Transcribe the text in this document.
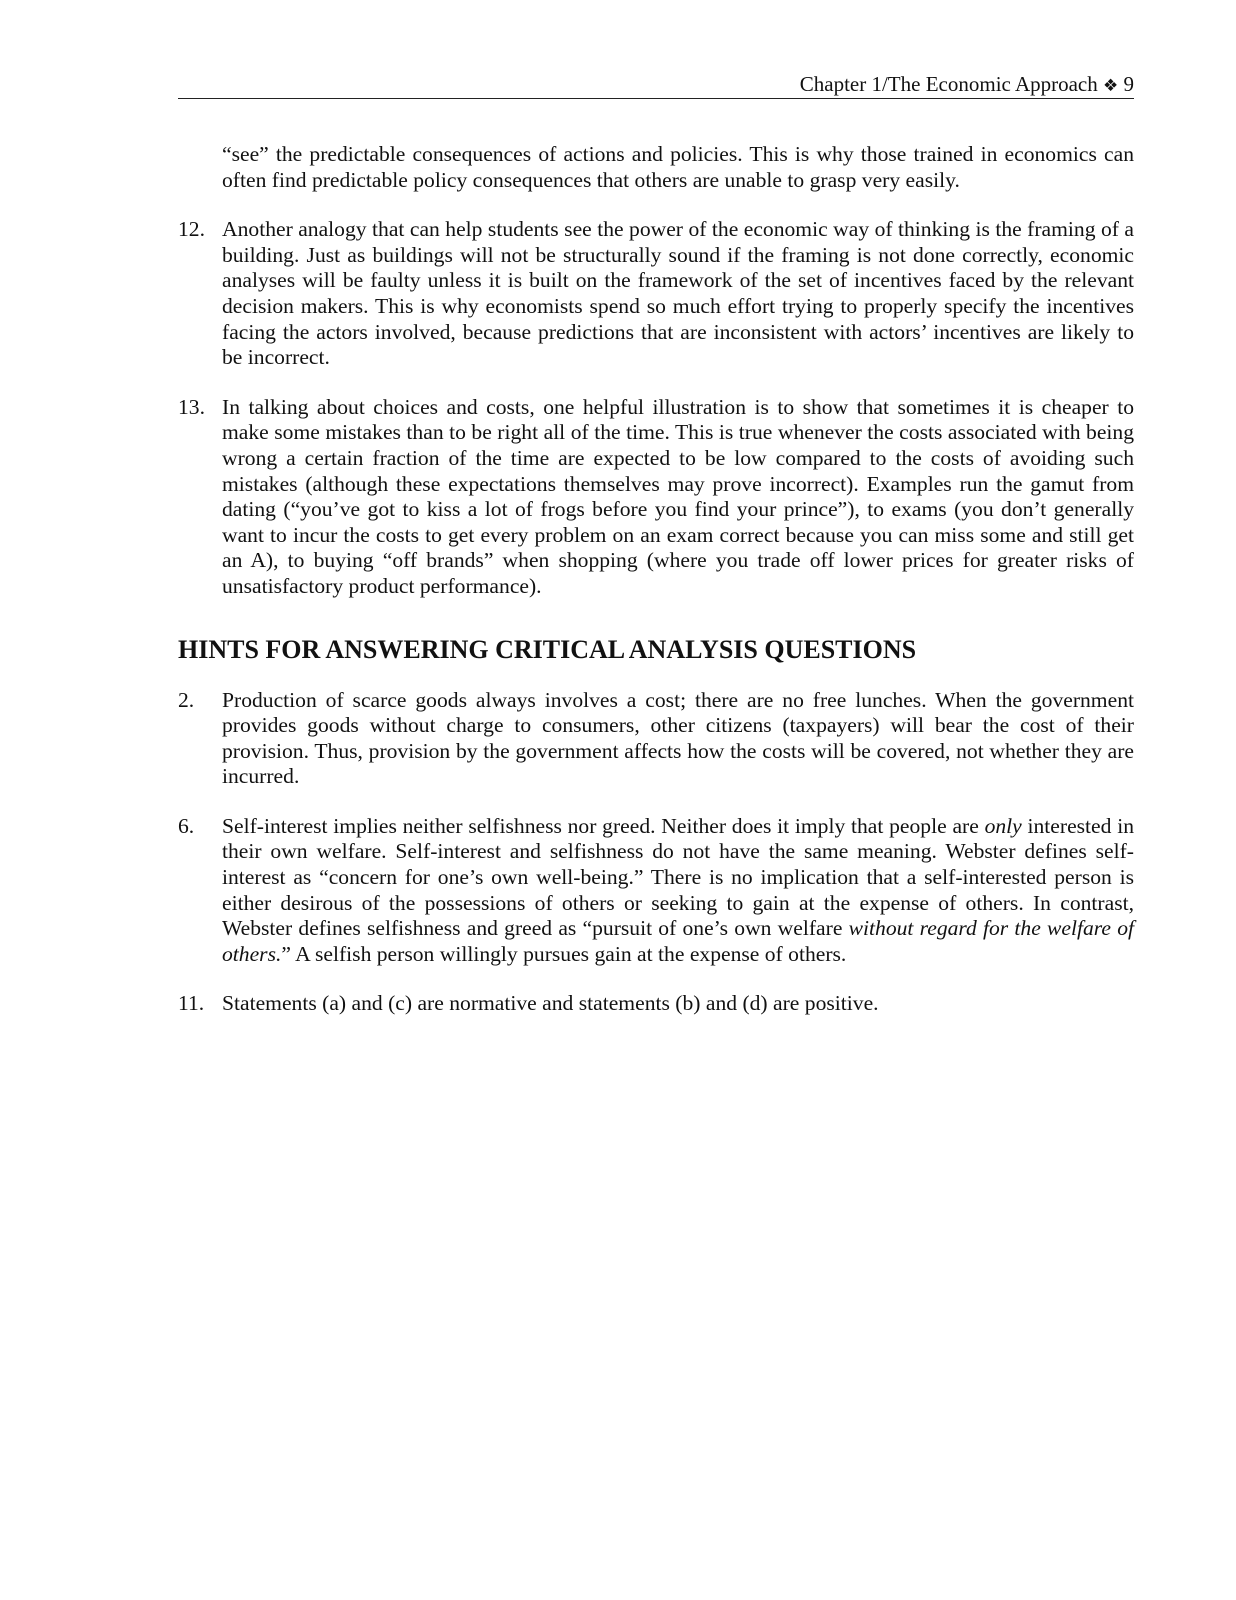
Chapter 1/The Economic Approach ❖ 9

“see” the predictable consequences of actions and policies. This is why those trained in economics can often find predictable policy consequences that others are unable to grasp very easily.

12. Another analogy that can help students see the power of the economic way of thinking is the framing of a building. Just as buildings will not be structurally sound if the framing is not done correctly, economic analyses will be faulty unless it is built on the framework of the set of incentives faced by the relevant decision makers. This is why economists spend so much effort trying to properly specify the incentives facing the actors involved, because predictions that are inconsistent with actors’ incentives are likely to be incorrect.
13. In talking about choices and costs, one helpful illustration is to show that sometimes it is cheaper to make some mistakes than to be right all of the time. This is true whenever the costs associated with being wrong a certain fraction of the time are expected to be low compared to the costs of avoiding such mistakes (although these expectations themselves may prove incorrect). Examples run the gamut from dating (“you’ve got to kiss a lot of frogs before you find your prince”), to exams (you don’t generally want to incur the costs to get every problem on an exam correct because you can miss some and still get an A), to buying “off brands” when shopping (where you trade off lower prices for greater risks of unsatisfactory product performance).
HINTS FOR ANSWERING CRITICAL ANALYSIS QUESTIONS
2.	Production of scarce goods always involves a cost; there are no free lunches. When the government provides goods without charge to consumers, other citizens (taxpayers) will bear the cost of their provision. Thus, provision by the government affects how the costs will be covered, not whether they are incurred.
6.	Self-interest implies neither selfishness nor greed. Neither does it imply that people are only interested in their own welfare. Self-interest and selfishness do not have the same meaning. Webster defines self-interest as “concern for one’s own well-being.” There is no implication that a self-interested person is either desirous of the possessions of others or seeking to gain at the expense of others. In contrast, Webster defines selfishness and greed as “pursuit of one’s own welfare without regard for the welfare of others.” A selfish person willingly pursues gain at the expense of others.
11. Statements (a) and (c) are normative and statements (b) and (d) are positive.
